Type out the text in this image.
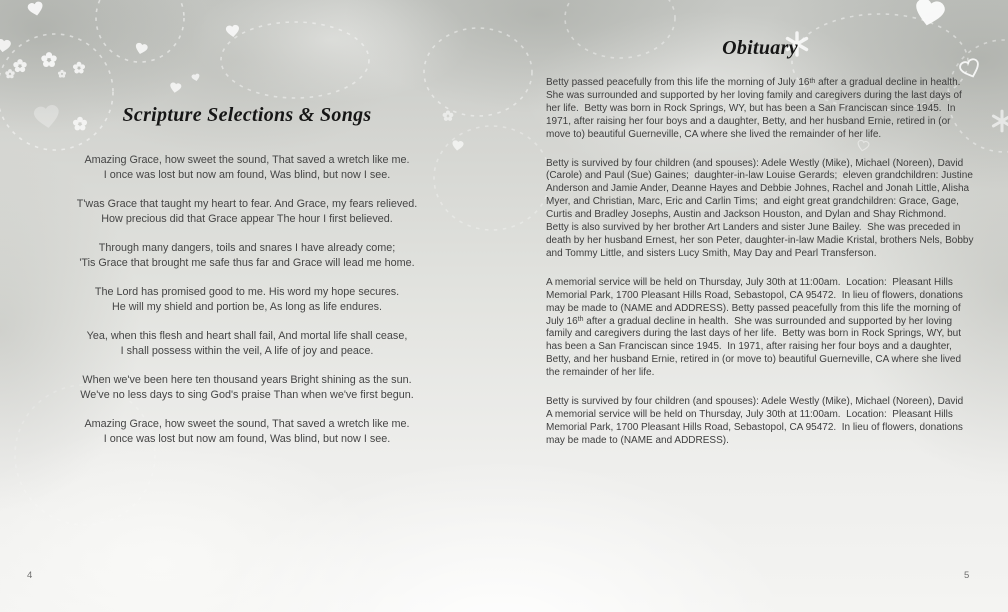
Scripture Selections & Songs
Amazing Grace, how sweet the sound, That saved a wretch like me.
I once was lost but now am found, Was blind, but now I see.
T'was Grace that taught my heart to fear. And Grace, my fears relieved.
How precious did that Grace appear The hour I first believed.
Through many dangers, toils and snares I have already come;
'Tis Grace that brought me safe thus far and Grace will lead me home.
The Lord has promised good to me. His word my hope secures.
He will my shield and portion be, As long as life endures.
Yea, when this flesh and heart shall fail, And mortal life shall cease,
I shall possess within the veil, A life of joy and peace.
When we've been here ten thousand years Bright shining as the sun.
We've no less days to sing God's praise Than when we've first begun.
Amazing Grace, how sweet the sound, That saved a wretch like me.
I once was lost but now am found, Was blind, but now I see.
4
Obituary

Betty passed peacefully from this life the morning of July 16th after a gradual decline in health.  She was surrounded and supported by her loving family and caregivers during the last days of her life.  Betty was born in Rock Springs, WY, but has been a San Franciscan since 1945.  In 1971, after raising her four boys and a daughter, Betty, and her husband Ernie, retired in (or move to) beautiful Guerneville, CA where she lived the remainder of her life.

Betty is survived by four children (and spouses): Adele Westly (Mike), Michael (Noreen), David (Carole) and Paul (Sue) Gaines;  daughter-in-law Louise Gerards;  eleven grandchildren: Justine Anderson and Jamie Ander, Deanne Hayes and Debbie Johnes, Rachel and Jonah Little, Alisha Myer, and Christian, Marc, Eric and Carlin Tims;  and eight great grandchildren: Grace, Gage, Curtis and Bradley Josephs, Austin and Jackson Houston, and Dylan and Shay Richmond.  Betty is also survived by her brother Art Landers and sister June Bailey.  She was preceded in death by her husband Ernest, her son Peter, daughter-in-law Madie Kristal, brothers Nels, Bobby and Tommy Little, and sisters Lucy Smith, May Day and Pearl Transferson.

A memorial service will be held on Thursday, July 30th at 11:00am.  Location:  Pleasant Hills Memorial Park, 1700 Pleasant Hills Road, Sebastopol, CA 95472.  In lieu of flowers, donations may be made to (NAME and ADDRESS). Betty passed peacefully from this life the morning of July 16th after a gradual decline in health.  She was surrounded and supported by her loving family and caregivers during the last days of her life.  Betty was born in Rock Springs, WY, but has been a San Franciscan since 1945.  In 1971, after raising her four boys and a daughter, Betty, and her husband Ernie, retired in (or move to) beautiful Guerneville, CA where she lived the remainder of her life.

Betty is survived by four children (and spouses): Adele Westly (Mike), Michael (Noreen), David
A memorial service will be held on Thursday, July 30th at 11:00am.  Location:  Pleasant Hills Memorial Park, 1700 Pleasant Hills Road, Sebastopol, CA 95472.  In lieu of flowers, donations may be made to (NAME and ADDRESS).

5
